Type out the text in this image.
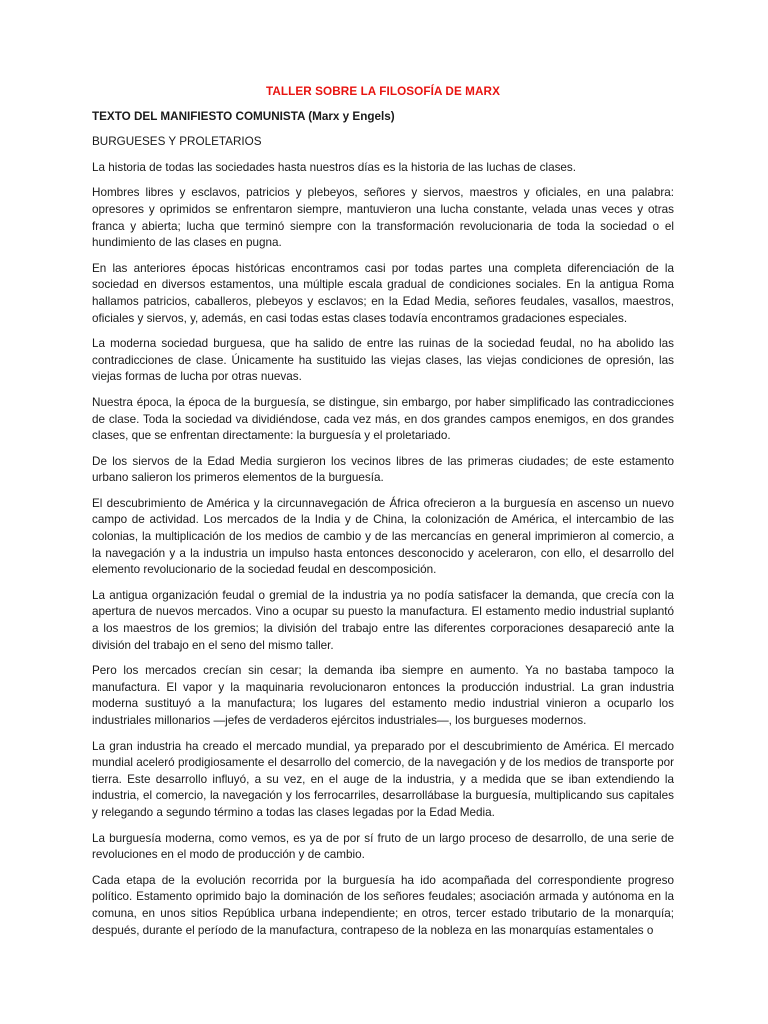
TALLER SOBRE LA FILOSOFÍA DE MARX
TEXTO DEL MANIFIESTO COMUNISTA (Marx y Engels)
BURGUESES Y PROLETARIOS

La historia de todas las sociedades hasta nuestros días es la historia de las luchas de clases.

Hombres libres y esclavos, patricios y plebeyos, señores y siervos, maestros y oficiales, en una palabra: opresores y oprimidos se enfrentaron siempre, mantuvieron una lucha constante, velada unas veces y otras franca y abierta; lucha que terminó siempre con la transformación revolucionaria de toda la sociedad o el hundimiento de las clases en pugna.

En las anteriores épocas históricas encontramos casi por todas partes una completa diferenciación de la sociedad en diversos estamentos, una múltiple escala gradual de condiciones sociales. En la antigua Roma hallamos patricios, caballeros, plebeyos y esclavos; en la Edad Media, señores feudales, vasallos, maestros, oficiales y siervos, y, además, en casi todas estas clases todavía encontramos gradaciones especiales.

La moderna sociedad burguesa, que ha salido de entre las ruinas de la sociedad feudal, no ha abolido las contradicciones de clase. Únicamente ha sustituido las viejas clases, las viejas condiciones de opresión, las viejas formas de lucha por otras nuevas.

Nuestra época, la época de la burguesía, se distingue, sin embargo, por haber simplificado las contradicciones de clase. Toda la sociedad va dividiéndose, cada vez más, en dos grandes campos enemigos, en dos grandes clases, que se enfrentan directamente: la burguesía y el proletariado.

De los siervos de la Edad Media surgieron los vecinos libres de las primeras ciudades; de este estamento urbano salieron los primeros elementos de la burguesía.

El descubrimiento de América y la circunnavegación de África ofrecieron a la burguesía en ascenso un nuevo campo de actividad. Los mercados de la India y de China, la colonización de América, el intercambio de las colonias, la multiplicación de los medios de cambio y de las mercancías en general imprimieron al comercio, a la navegación y a la industria un impulso hasta entonces desconocido y aceleraron, con ello, el desarrollo del elemento revolucionario de la sociedad feudal en descomposición.

La antigua organización feudal o gremial de la industria ya no podía satisfacer la demanda, que crecía con la apertura de nuevos mercados. Vino a ocupar su puesto la manufactura. El estamento medio industrial suplantó a los maestros de los gremios; la división del trabajo entre las diferentes corporaciones desapareció ante la división del trabajo en el seno del mismo taller.

Pero los mercados crecían sin cesar; la demanda iba siempre en aumento. Ya no bastaba tampoco la manufactura. El vapor y la maquinaria revolucionaron entonces la producción industrial. La gran industria moderna sustituyó a la manufactura; los lugares del estamento medio industrial vinieron a ocuparlo los industriales millonarios —jefes de verdaderos ejércitos industriales—, los burgueses modernos.

La gran industria ha creado el mercado mundial, ya preparado por el descubrimiento de América. El mercado mundial aceleró prodigiosamente el desarrollo del comercio, de la navegación y de los medios de transporte por tierra. Este desarrollo influyó, a su vez, en el auge de la industria, y a medida que se iban extendiendo la industria, el comercio, la navegación y los ferrocarriles, desarrollábase la burguesía, multiplicando sus capitales y relegando a segundo término a todas las clases legadas por la Edad Media.

La burguesía moderna, como vemos, es ya de por sí fruto de un largo proceso de desarrollo, de una serie de revoluciones en el modo de producción y de cambio.

Cada etapa de la evolución recorrida por la burguesía ha ido acompañada del correspondiente progreso político. Estamento oprimido bajo la dominación de los señores feudales; asociación armada y autónoma en la comuna, en unos sitios República urbana independiente; en otros, tercer estado tributario de la monarquía; después, durante el período de la manufactura, contrapeso de la nobleza en las monarquías estamentales o
